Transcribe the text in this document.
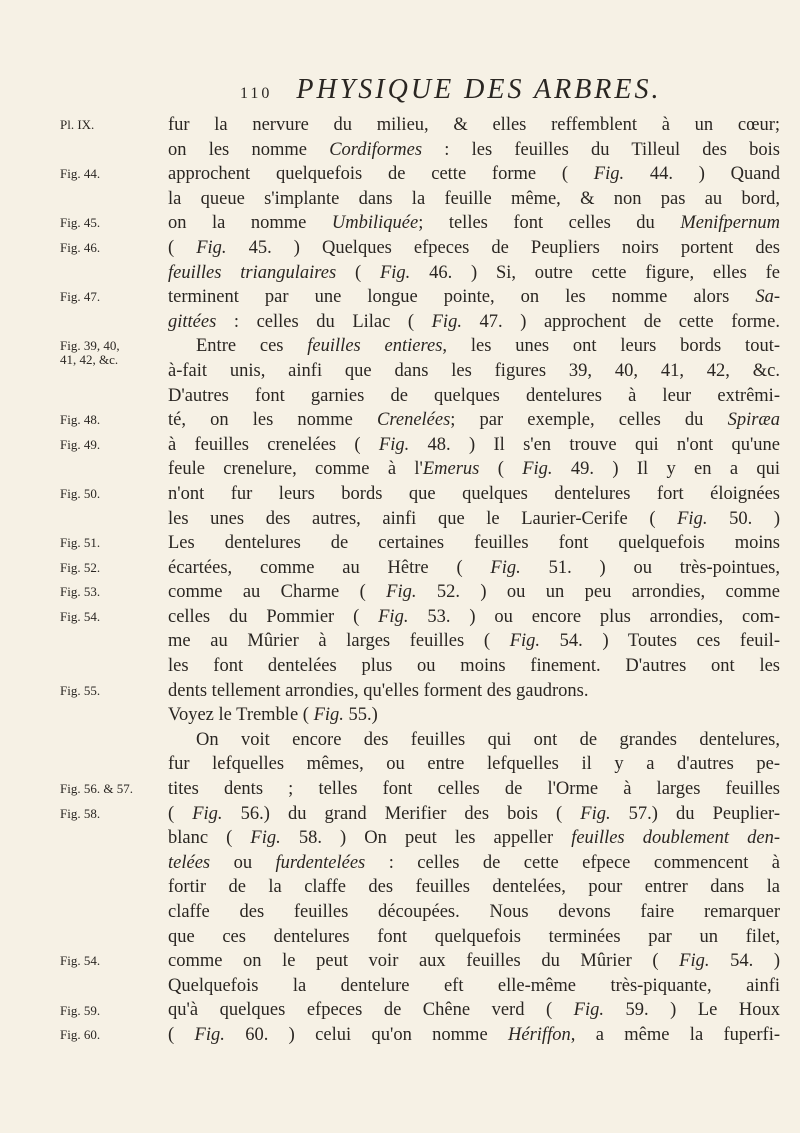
110 PHYSIQUE DES ARBRES.
Pl. IX.
Fig. 44.
Fig. 45.
Fig. 46.
Fig. 47.
Fig. 39, 40,
41, 42, &c.
Fig. 48.
Fig. 49.
Fig. 50.
Fig. 51.
Fig. 52.
Fig. 53.
Fig. 54.
Fig. 55.
Fig. 56. & 57.
Fig. 58.
Fig. 54.
Fig. 59.
Fig. 60.
fur la nervure du milieu, & elles reffemblent à un cœur;
on les nomme Cordiformes : les feuilles du Tilleul des bois
approchent quelquefois de cette forme ( Fig. 44. ) Quand
la queue s'implante dans la feuille même, & non pas au bord,
on la nomme Umbiliquée; telles font celles du Menifpernum
( Fig. 45. ) Quelques efpeces de Peupliers noirs portent des
feuilles triangulaires ( Fig. 46. ) Si, outre cette figure, elles fe
terminent par une longue pointe, on les nomme alors Sa-
gittées : celles du Lilac ( Fig. 47. ) approchent de cette forme.
Entre ces feuilles entieres, les unes ont leurs bords tout-
à-fait unis, ainfi que dans les figures 39, 40, 41, 42, &c.
D'autres font garnies de quelques dentelures à leur extrêmi-
té, on les nomme Crenelées; par exemple, celles du Spiræa
à feuilles crenelées ( Fig. 48. ) Il s'en trouve qui n'ont qu'une
feule crenelure, comme à l'Emerus ( Fig. 49. ) Il y en a qui
n'ont fur leurs bords que quelques dentelures fort éloignées
les unes des autres, ainfi que le Laurier-Cerife ( Fig. 50. )
Les dentelures de certaines feuilles font quelquefois moins
écartées, comme au Hêtre ( Fig. 51. ) ou très-pointues,
comme au Charme ( Fig. 52. ) ou un peu arrondies, comme
celles du Pommier ( Fig. 53. ) ou encore plus arrondies, com-
me au Mûrier à larges feuilles ( Fig. 54. ) Toutes ces feuil-
les font dentelées plus ou moins finement. D'autres ont les
dents tellement arrondies, qu'elles forment des gaudrons.
Voyez le Tremble ( Fig. 55.)
On voit encore des feuilles qui ont de grandes dentelures,
fur lefquelles mêmes, ou entre lefquelles il y a d'autres pe-
tites dents ; telles font celles de l'Orme à larges feuilles
( Fig. 56.) du grand Merifier des bois ( Fig. 57.) du Peuplier-
blanc ( Fig. 58. ) On peut les appeller feuilles doublement den-
telées ou furdentelées : celles de cette efpece commencent à
fortir de la claffe des feuilles dentelées, pour entrer dans la
claffe des feuilles découpées. Nous devons faire remarquer
que ces dentelures font quelquefois terminées par un filet,
comme on le peut voir aux feuilles du Mûrier ( Fig. 54. )
Quelquefois la dentelure eft elle-même très-piquante, ainfi
qu'à quelques efpeces de Chêne verd ( Fig. 59. ) Le Houx
( Fig. 60. ) celui qu'on nomme Hériffon, a même la fuperfi-
